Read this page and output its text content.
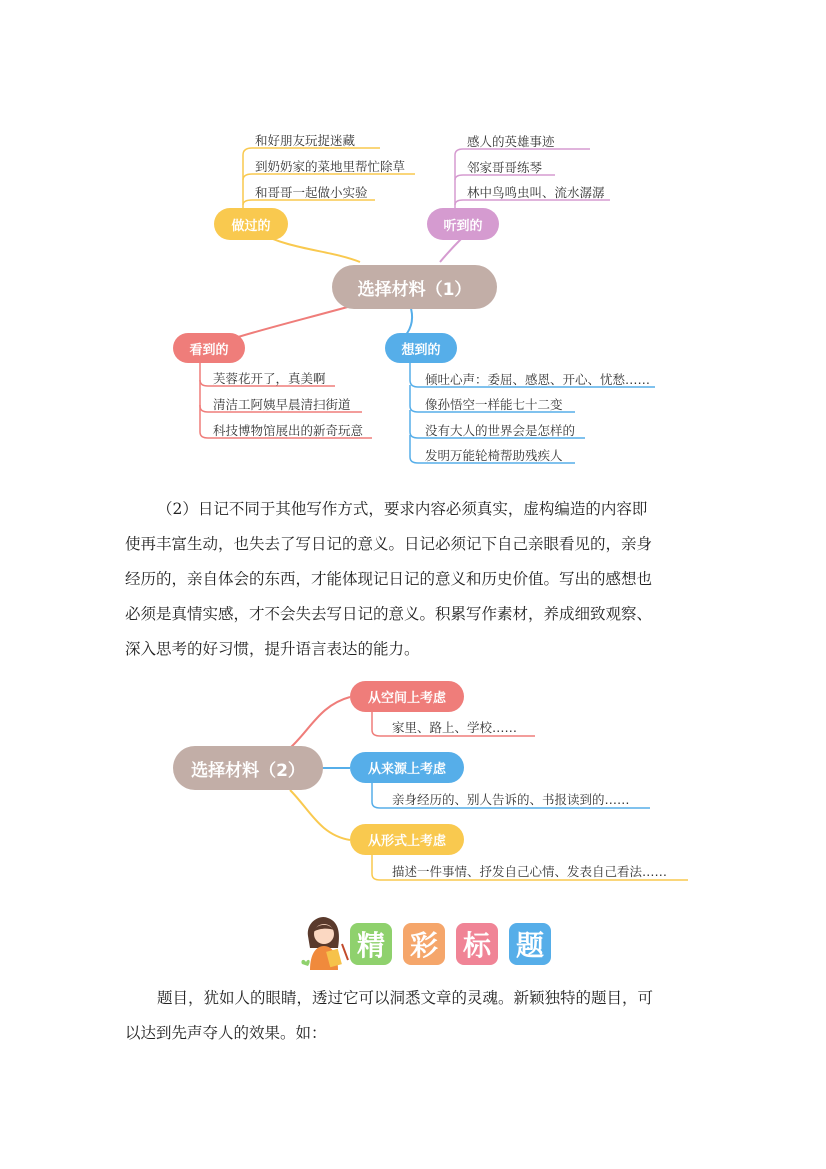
选择材料（1）
做过的	听到的
看到的	想到的
和好朋友玩捉迷藏
到奶奶家的菜地里帮忙除草
和哥哥一起做小实验
感人的英雄事迹
邻家哥哥练琴
林中鸟鸣虫叫、流水潺潺
芙蓉花开了，真美啊
清洁工阿姨早晨清扫街道
科技博物馆展出的新奇玩意
倾吐心声：委屈、感恩、开心、忧愁……
像孙悟空一样能七十二变
没有大人的世界会是怎样的
发明万能轮椅帮助残疾人

（2）日记不同于其他写作方式，要求内容必须真实，虚构编造的内容即

使再丰富生动，也失去了写日记的意义。日记必须记下自己亲眼看见的，亲身

经历的，亲自体会的东西，才能体现记日记的意义和历史价值。写出的感想也

必须是真情实感，才不会失去写日记的意义。积累写作素材，养成细致观察、

深入思考的好习惯，提升语言表达的能力。

选择材料（2）
从空间上考虑
从来源上考虑
从形式上考虑
家里、路上、学校……
亲身经历的、别人告诉的、书报读到的……
描述一件事情、抒发自己心情、发表自己看法……
精 彩 标 题

题目，犹如人的眼睛，透过它可以洞悉文章的灵魂。新颖独特的题目，可

以达到先声夺人的效果。如：
